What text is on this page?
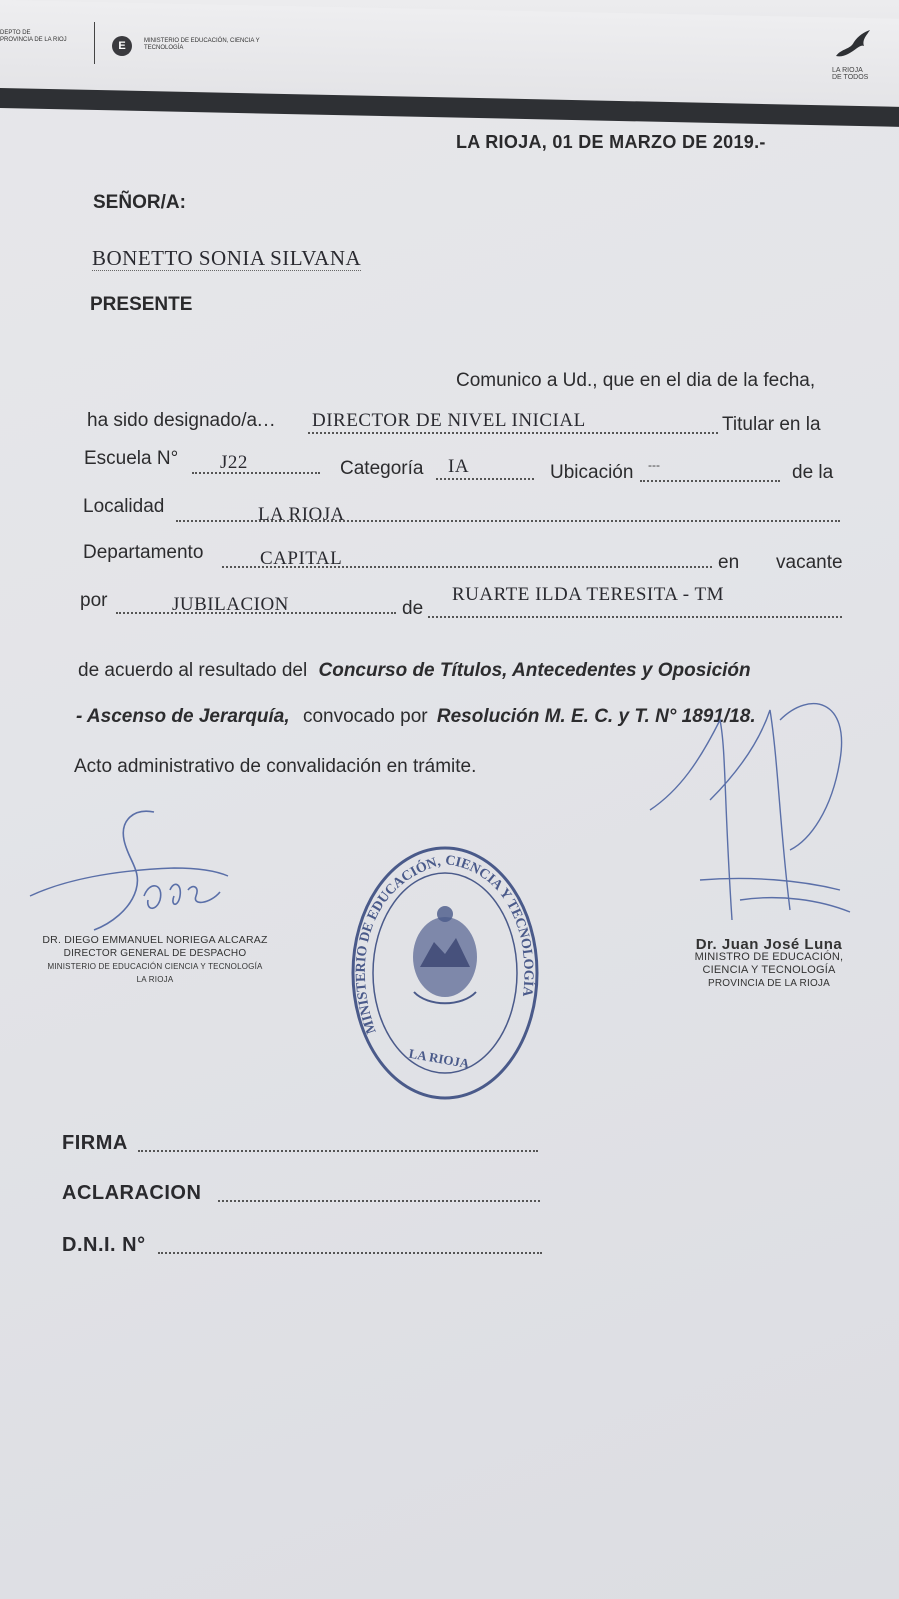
DEPTO DE
PROVINCIA DE LA RIOJ	E	MINISTERIO DE EDUCACIÓN, CIENCIA Y
TECNOLOGÍA
LA RIOJA
DE TODOS
LA RIOJA, 01 DE MARZO DE 2019.-
SEÑOR/A:
BONETTO SONIA SILVANA
PRESENTE
Comunico a Ud., que en el dia de la fecha,
ha sido designado/a... DIRECTOR DE NIVEL INICIAL	Titular en la
Escuela N° J22	Categoría IA	Ubicación ---	de la
Localidad	LA RIOJA
Departamento	CAPITAL	en vacante
por	JUBILACION	de
RUARTE ILDA TERESITA - TM
de acuerdo al resultado del Concurso de Títulos, Antecedentes y Oposición
- Ascenso de Jerarquía, convocado por Resolución M. E. C. y T. N° 1891/18.
Acto administrativo de convalidación en trámite.
DR. DIEGO EMMANUEL NORIEGA ALCARAZ
DIRECTOR GENERAL DE DESPACHO
MINISTERIO DE EDUCACIÓN CIENCIA Y TECNOLOGÍA
LA RIOJA
MINISTERIO DE EDUCACIÓN, CIENCIA Y TECNOLOGÍA
LA RIOJA
Dr. Juan José Luna
MINISTRO DE EDUCACIÓN,
CIENCIA Y TECNOLOGÍA
PROVINCIA DE LA RIOJA
FIRMA
ACLARACION
D.N.I. N°
